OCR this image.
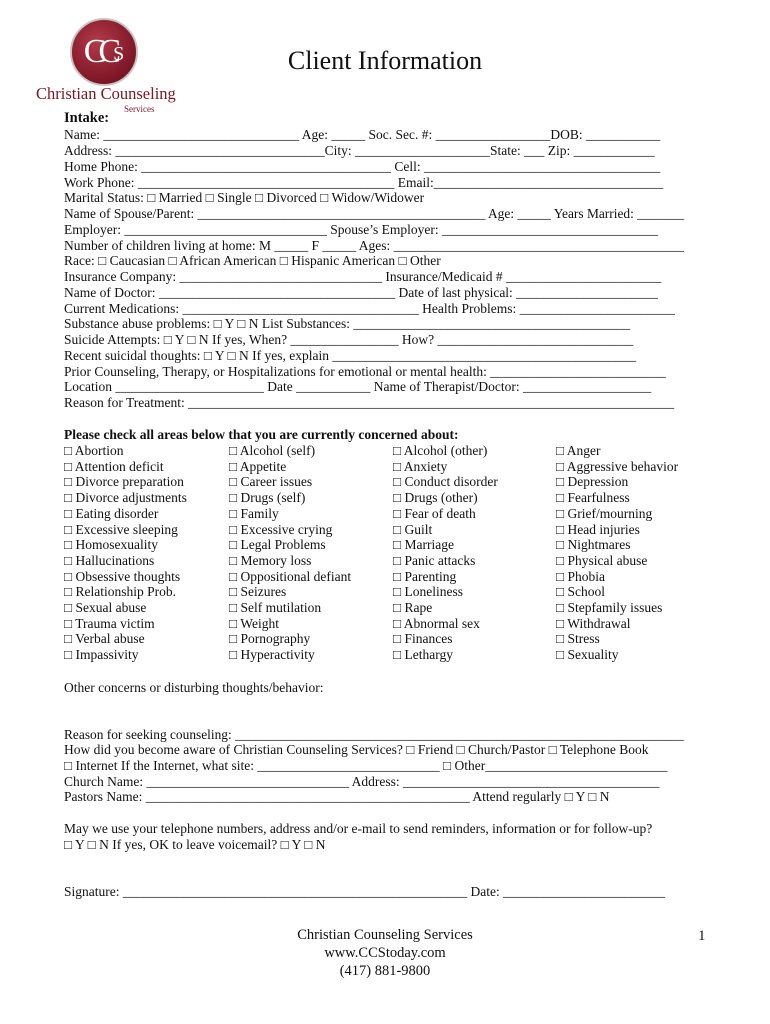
CCS
Christian Counseling
Services
Client Information
Intake:
Name: _____________________________ Age: _____ Soc. Sec. #: _________________DOB: ___________
Address: _______________________________City: ____________________State: ___ Zip: ____________
Home Phone: _____________________________________ Cell: ___________________________________
Work Phone: ______________________________________ Email:__________________________________
Marital Status: □ Married □ Single □ Divorced □ Widow/Widower
Name of Spouse/Parent: ___________________________________________ Age: _____ Years Married: _______
Employer: ______________________________ Spouse’s Employer: ________________________________
Number of children living at home: M _____ F _____ Ages: ___________________________________________
Race: □ Caucasian □ African American □ Hispanic American □ Other
Insurance Company: ______________________________ Insurance/Medicaid # _______________________
Name of Doctor: ___________________________________ Date of last physical: _____________________
Current Medications: ___________________________________ Health Problems: _______________________
Substance abuse problems: □ Y □ N List Substances: _________________________________________
Suicide Attempts: □ Y □ N If yes, When? ________________ How? _____________________________
Recent suicidal thoughts: □ Y □ N If yes, explain _____________________________________________
Prior Counseling, Therapy, or Hospitalizations for emotional or mental health: __________________________
Location ______________________ Date ___________ Name of Therapist/Doctor: ___________________
Reason for Treatment: ________________________________________________________________________
Please check all areas below that you are currently concerned about:
□ Abortion
□ Attention deficit
□ Divorce preparation
□ Divorce adjustments
□ Eating disorder
□ Excessive sleeping
□ Homosexuality
□ Hallucinations
□ Obsessive thoughts
□ Relationship Prob.
□ Sexual abuse
□ Trauma victim
□ Verbal abuse
□ Impassivity
□ Alcohol (self)
□ Appetite
□ Career issues
□ Drugs (self)
□ Family
□ Excessive crying
□ Legal Problems
□ Memory loss
□ Oppositional defiant
□ Seizures
□ Self mutilation
□ Weight
□ Pornography
□ Hyperactivity
□ Alcohol (other)
□ Anxiety
□ Conduct disorder
□ Drugs (other)
□ Fear of death
□ Guilt
□ Marriage
□ Panic attacks
□ Parenting
□ Loneliness
□ Rape
□ Abnormal sex
□ Finances
□ Lethargy
□ Anger
□ Aggressive behavior
□ Depression
□ Fearfulness
□ Grief/mourning
□ Head injuries
□ Nightmares
□ Physical abuse
□ Phobia
□ School
□ Stepfamily issues
□ Withdrawal
□ Stress
□ Sexuality
Other concerns or disturbing thoughts/behavior:
Reason for seeking counseling: ___________________________________________________________________
How did you become aware of Christian Counseling Services? □ Friend □ Church/Pastor □ Telephone Book
□ Internet If the Internet, what site: ___________________________ □ Other___________________________
Church Name: ______________________________ Address: ______________________________________
Pastors Name: ________________________________________________ Attend regularly □ Y □ N
May we use your telephone numbers, address and/or e-mail to send reminders, information or for follow-up?
□ Y □ N If yes, OK to leave voicemail? □ Y □ N
Signature: ___________________________________________________ Date: ________________________
Christian Counseling Services
www.CCStoday.com
(417) 881-9800
1
